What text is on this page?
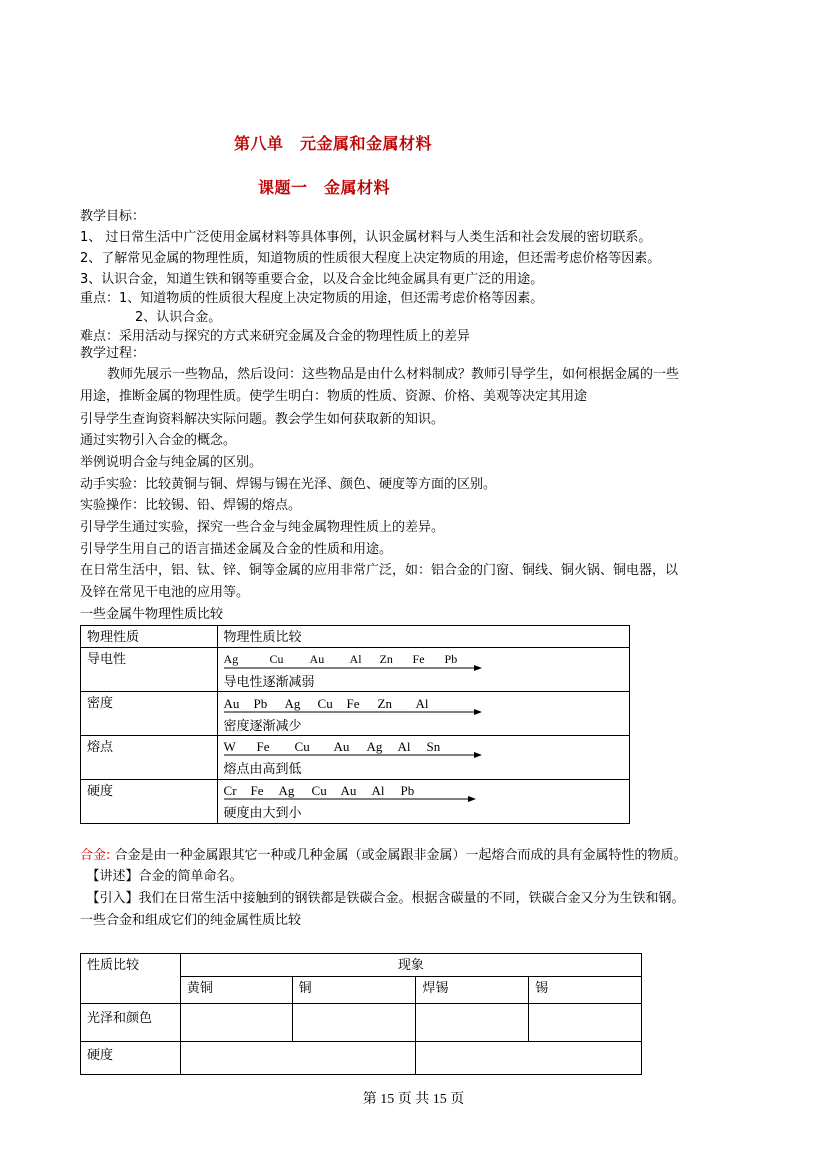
第八单　元金属和金属材料
课题一　金属材料
教学目标：
1、 过日常生活中广泛使用金属材料等具体事例，认识金属材料与人类生活和社会发展的密切联系。
2、了解常见金属的物理性质，知道物质的性质很大程度上决定物质的用途，但还需考虑价格等因素。
3、认识合金，知道生铁和钢等重要合金，以及合金比纯金属具有更广泛的用途。
重点：1、知道物质的性质很大程度上决定物质的用途，但还需考虑价格等因素。
2、认识合金。
难点：采用活动与探究的方式来研究金属及合金的物理性质上的差异
教学过程：
教师先展示一些物品，然后设问：这些物品是由什么材料制成？教师引导学生，如何根据金属的一些
用途，推断金属的物理性质。使学生明白：物质的性质、资源、价格、美观等决定其用途
引导学生查询资料解决实际问题。教会学生如何获取新的知识。
通过实物引入合金的概念。
举例说明合金与纯金属的区别。
动手实验：比较黄铜与铜、焊锡与锡在光泽、颜色、硬度等方面的区别。
实验操作：比较锡、铅、焊锡的熔点。
引导学生通过实验，探究一些合金与纯金属物理性质上的差异。
引导学生用自己的语言描述金属及合金的性质和用途。
在日常生活中，铝、钛、锌、铜等金属的应用非常广泛，如：铝合金的门窗、铜线、铜火锅、铜电器，以
及锌在常见干电池的应用等。
一些金属牛物理性质比较
物理性质	物理性质比较
导电性	Ag Cu Au Al Zn Fe Pb
导电性逐渐减弱

密度	Au Pb Ag Cu Fe Zn Al
密度逐渐减少

熔点	W Fe Cu Au Ag Al Sn
熔点由高到低

硬度	Cr Fe Ag Cu Au Al Pb
硬度由大到小
合金: 合金是由一种金属跟其它一种或几种金属（或金属跟非金属）一起熔合而成的具有金属特性的物质。
　【讲述】合金的简单命名。
　【引入】我们在日常生活中接触到的钢铁都是铁碳合金。根据含碳量的不同，铁碳合金又分为生铁和钢。
一些合金和组成它们的纯金属性质比较
性质比较	现象			
	黄铜	铜	焊锡	锡
光泽和颜色				
硬度				
第 15 页 共 15 页
